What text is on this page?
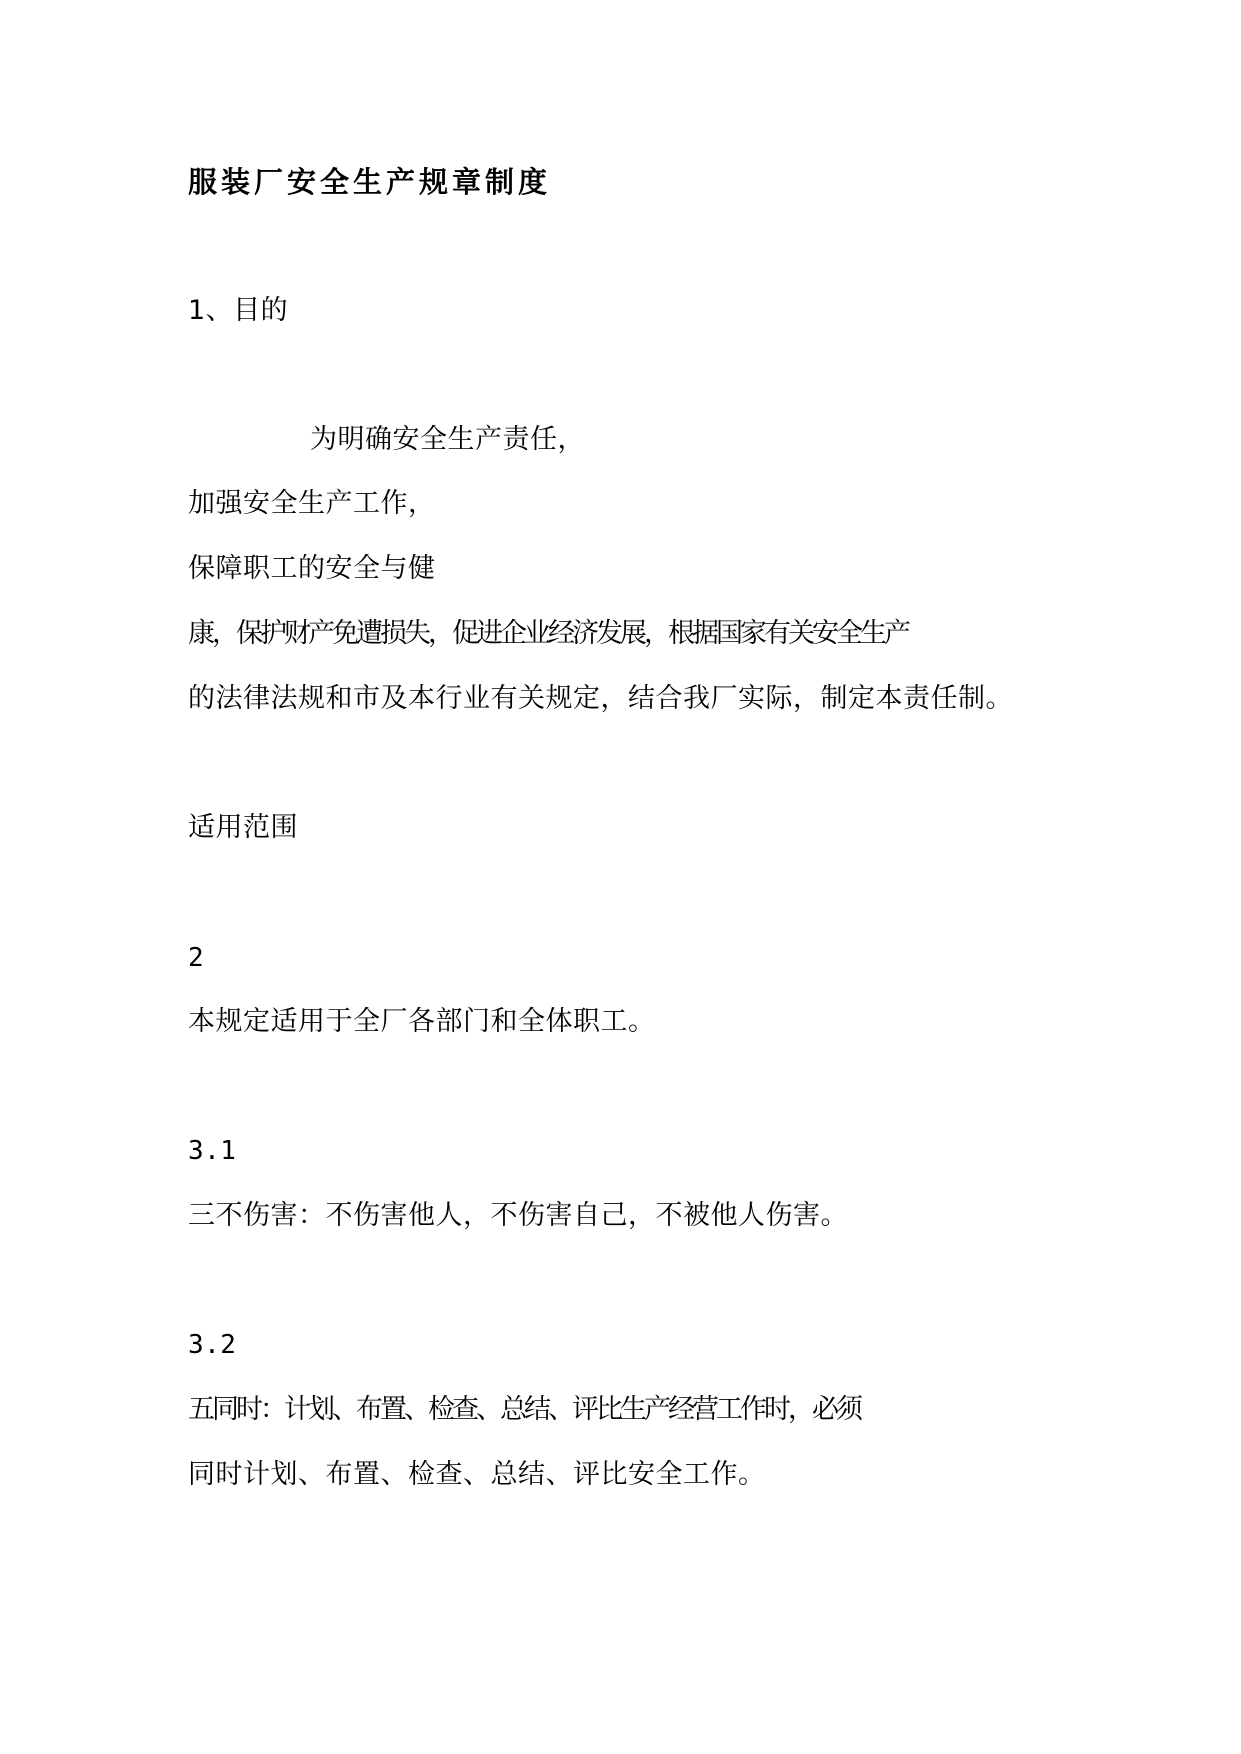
服装厂安全生产规章制度
1、目的
为明确安全生产责任，
加强安全生产工作，
保障职工的安全与健
康，保护财产免遭损失，促进企业经济发展，根据国家有关安全生产
的法律法规和市及本行业有关规定，结合我厂实际，制定本责任制。
适用范围
2
本规定适用于全厂各部门和全体职工。
3.1
三不伤害：不伤害他人，不伤害自己，不被他人伤害。
3.2
五同时：计划、布置、检查、总结、评比生产经营工作时，必须
同时计划、布置、检查、总结、评比安全工作。
